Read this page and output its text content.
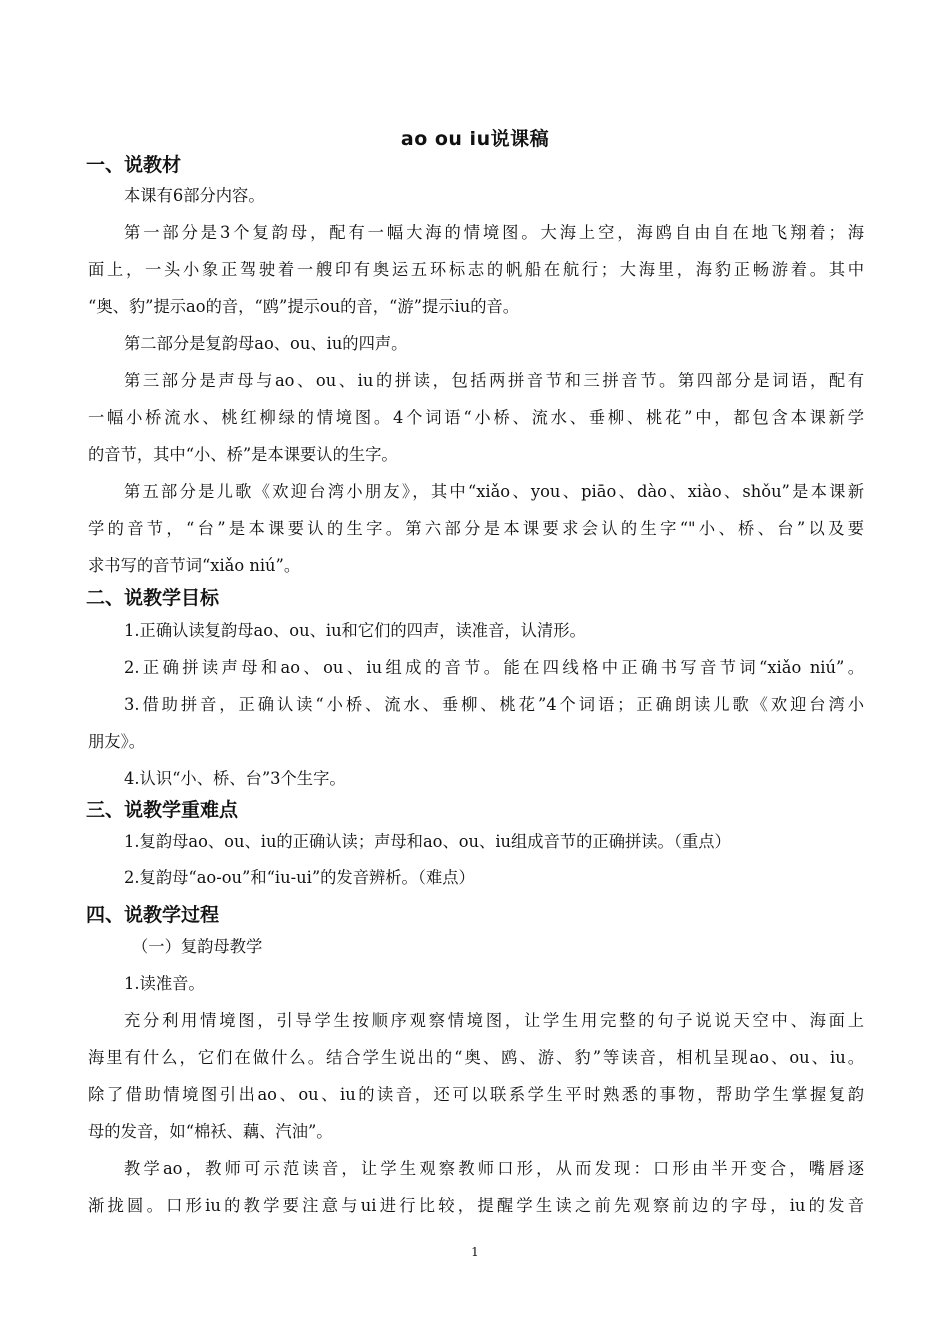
ao ou iu说课稿
一、说教材
本课有6部分内容。
第一部分是3个复韵母，配有一幅大海的情境图。大海上空，海鸥自由自在地飞翔着；海
面上，一头小象正驾驶着一艘印有奥运五环标志的帆船在航行；大海里，海豹正畅游着。其中
“奥、豹”提示ao的音，“鸥”提示ou的音，“游”提示iu的音。
第二部分是复韵母ao、ou、iu的四声。
第三部分是声母与ao、ou、iu的拼读，包括两拼音节和三拼音节。第四部分是词语，配有
一幅小桥流水、桃红柳绿的情境图。4个词语“小桥、流水、垂柳、桃花”中，都包含本课新学
的音节，其中“小、桥”是本课要认的生字。
第五部分是儿歌《欢迎台湾小朋友》，其中“xiǎo、you、piāo、dào、xiào、shǒu”是本课新
学的音节，“台”是本课要认的生字。第六部分是本课要求会认的生字“"小、桥、台”以及要
求书写的音节词“xiǎo niú”。
二、说教学目标
1.正确认读复韵母ao、ou、iu和它们的四声，读准音，认清形。
2.正确拼读声母和ao、ou、iu组成的音节。能在四线格中正确书写音节词“xiǎo niú”。
3.借助拼音，正确认读“小桥、流水、垂柳、桃花”4个词语；正确朗读儿歌《欢迎台湾小
朋友》。
4.认识“小、桥、台”3个生字。
三、说教学重难点
1.复韵母ao、ou、iu的正确认读；声母和ao、ou、iu组成音节的正确拼读。（重点）
2.复韵母“ao-ou”和“iu-ui”的发音辨析。（难点）
四、说教学过程
（一）复韵母教学
1.读准音。
充分利用情境图，引导学生按顺序观察情境图，让学生用完整的句子说说天空中、海面上
海里有什么，它们在做什么。结合学生说出的“奥、鸥、游、豹”等读音，相机呈现ao、ou、iu。
除了借助情境图引出ao、ou、iu的读音，还可以联系学生平时熟悉的事物，帮助学生掌握复韵
母的发音，如“棉袄、藕、汽油”。
教学ao，教师可示范读音，让学生观察教师口形，从而发现：口形由半开变合，嘴唇逐
渐拢圆。口形iu的教学要注意与ui进行比较，提醒学生读之前先观察前边的字母，iu的发音
1
